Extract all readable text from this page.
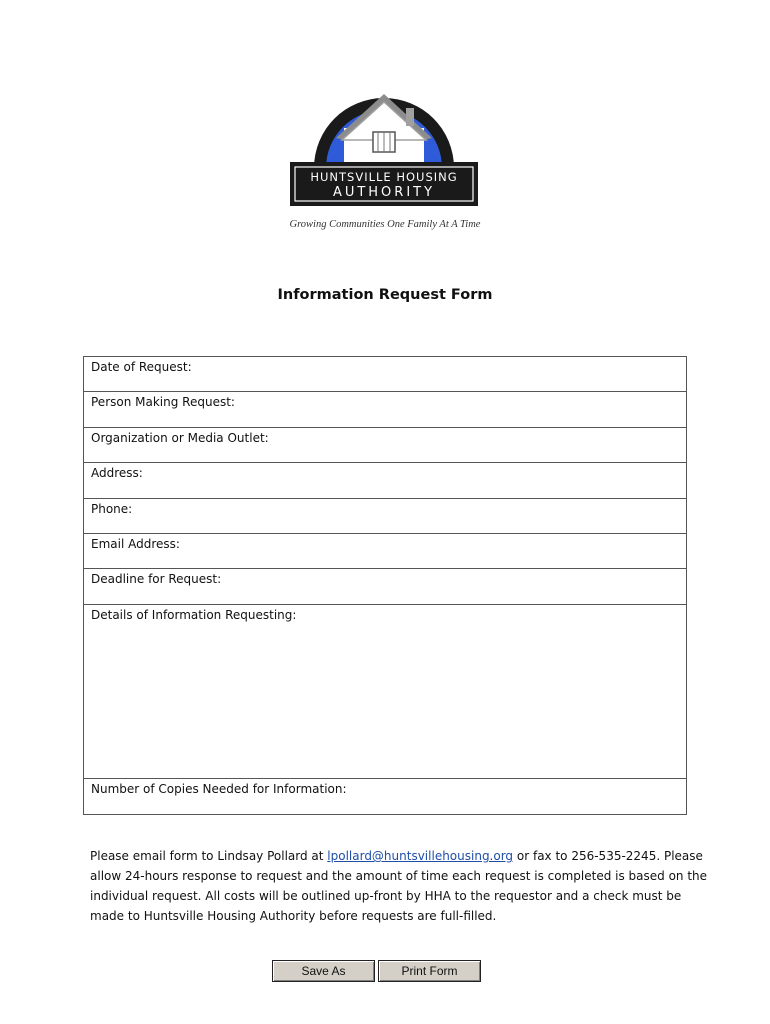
HUNTSVILLE HOUSING
AUTHORITY
Growing Communities One Family At A Time
Information Request Form
Date of Request:
Person Making Request:
Organization or Media Outlet:
Address:
Phone:
Email Address:
Deadline for Request:
Details of Information Requesting:
Number of Copies Needed for Information:

Please email form to Lindsay Pollard at lpollard@huntsvillehousing.org or fax to 256-535-2245. Please

allow 24-hours response to request and the amount of time each request is completed is based on the

individual request. All costs will be outlined up-front by HHA to the requestor and a check must be

made to Huntsville Housing Authority before requests are full-filled.

Save As	Print Form
